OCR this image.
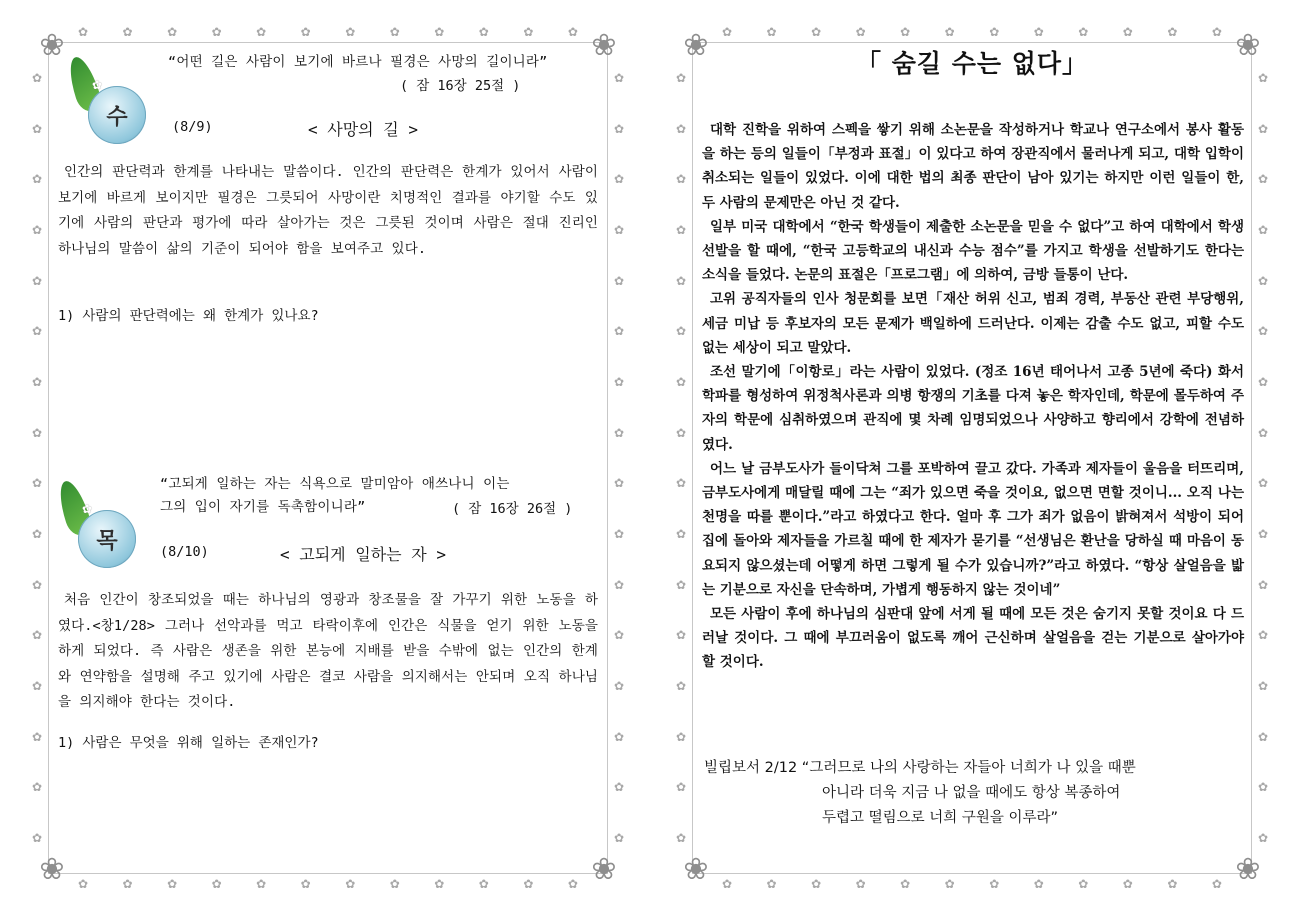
❀	❀
❀	❀
✿	✿	✿	✿	✿	✿	✿	✿	✿	✿	✿	✿
✿	✿	✿	✿	✿	✿	✿	✿	✿	✿	✿	✿
✿
✿
✿
✿
✿
✿
✿
✿
✿
✿
✿
✿
✿
✿
✿
✿
✿
✿
✿
✿
✿
✿
✿
✿
✿
✿
✿
✿
✿
✿
✿
✿
✿
수
“어떤 길은 사람이 보기에 바르나 필경은 사망의 길이니라”
( 잠 16장 25절 )
(8/9)	< 사망의 길 >
인간의 판단력과 한계를 나타내는 말씀이다. 인간의 판단력은 한계가 있어서 사람이 보기에 바르게 보이지만 필경은 그릇되어 사망이란 치명적인 결과를 야기할 수도 있기에 사람의 판단과 평가에 따라 살아가는 것은 그릇된 것이며 사람은 절대 진리인 하나님의 말씀이 삶의 기준이 되어야 함을 보여주고 있다.
1) 사람의 판단력에는 왜 한계가 있나요?
✿
목
“고되게 일하는 자는 식욕으로 말미암아 애쓰나니 이는
그의 입이 자기를 독촉함이니라”	( 잠 16장 26절 )
(8/10)	< 고되게 일하는 자 >
처음 인간이 창조되었을 때는 하나님의 영광과 창조물을 잘 가꾸기 위한 노동을 하였다.<창1/28> 그러나 선악과를 먹고 타락이후에 인간은 식물을 얻기 위한 노동을 하게 되었다. 즉 사람은 생존을 위한 본능에 지배를 받을 수밖에 없는 인간의 한계와 연약함을 설명해 주고 있기에 사람은 결코 사람을 의지해서는 안되며 오직 하나님을 의지해야 한다는 것이다.
1) 사람은 무엇을 위해 일하는 존재인가?
❀	❀
❀	❀
✿	✿	✿	✿	✿	✿	✿	✿	✿	✿	✿	✿
✿	✿	✿	✿	✿	✿	✿	✿	✿	✿	✿	✿
✿
✿
✿
✿
✿
✿
✿
✿
✿
✿
✿
✿
✿
✿
✿
✿
✿
✿
✿
✿
✿
✿
✿
✿
✿
✿
✿
✿
✿
✿
✿
✿
「 숨길 수는 없다」

대학 진학을 위하여 스펙을 쌓기 위해 소논문을 작성하거나 학교나 연구소에서 봉사 활동을 하는 등의 일들이「부정과 표절」이 있다고 하여 장관직에서 물러나게 되고, 대학 입학이 취소되는 일들이 있었다. 이에 대한 법의 최종 판단이 남아 있기는 하지만 이런 일들이 한, 두 사람의 문제만은 아닌 것 같다.

일부 미국 대학에서 “한국 학생들이 제출한 소논문을 믿을 수 없다”고 하여 대학에서 학생 선발을 할 때에, “한국 고등학교의 내신과 수능 점수”를 가지고 학생을 선발하기도 한다는 소식을 들었다. 논문의 표절은「프로그램」에 의하여, 금방 들통이 난다.

고위 공직자들의 인사 청문회를 보면「재산 허위 신고, 범죄 경력, 부동산 관련 부당행위, 세금 미납 등 후보자의 모든 문제가 백일하에 드러난다. 이제는 감출 수도 없고, 피할 수도 없는 세상이 되고 말았다.

조선 말기에「이항로」라는 사람이 있었다. (정조 16년 태어나서 고종 5년에 죽다) 화서학파를 형성하여 위정척사론과 의병 항쟁의 기초를 다져 놓은 학자인데, 학문에 몰두하여 주자의 학문에 심취하였으며 관직에 몇 차례 임명되었으나 사양하고 향리에서 강학에 전념하였다.

어느 날 금부도사가 들이닥쳐 그를 포박하여 끌고 갔다. 가족과 제자들이 울음을 터뜨리며, 금부도사에게 매달릴 때에 그는 “죄가 있으면 죽을 것이요, 없으면 면할 것이니... 오직 나는 천명을 따를 뿐이다.”라고 하였다고 한다. 얼마 후 그가 죄가 없음이 밝혀져서 석방이 되어 집에 돌아와 제자들을 가르칠 때에 한 제자가 묻기를 “선생님은 환난을 당하실 때 마음이 동요되지 않으셨는데 어떻게 하면 그렇게 될 수가 있습니까?”라고 하였다. “항상 살얼음을 밟는 기분으로 자신을 단속하며, 가볍게 행동하지 않는 것이네”

모든 사람이 후에 하나님의 심판대 앞에 서게 될 때에 모든 것은 숨기지 못할 것이요 다 드러날 것이다. 그 때에 부끄러움이 없도록 깨어 근신하며 살얼음을 걷는 기분으로 살아가야 할 것이다.

빌립보서 2/12 “그러므로 나의 사랑하는 자들아 너희가 나 있을 때뿐
아니라 더욱 지금 나 없을 때에도 항상 복종하여
두렵고 떨림으로 너희 구원을 이루라”
